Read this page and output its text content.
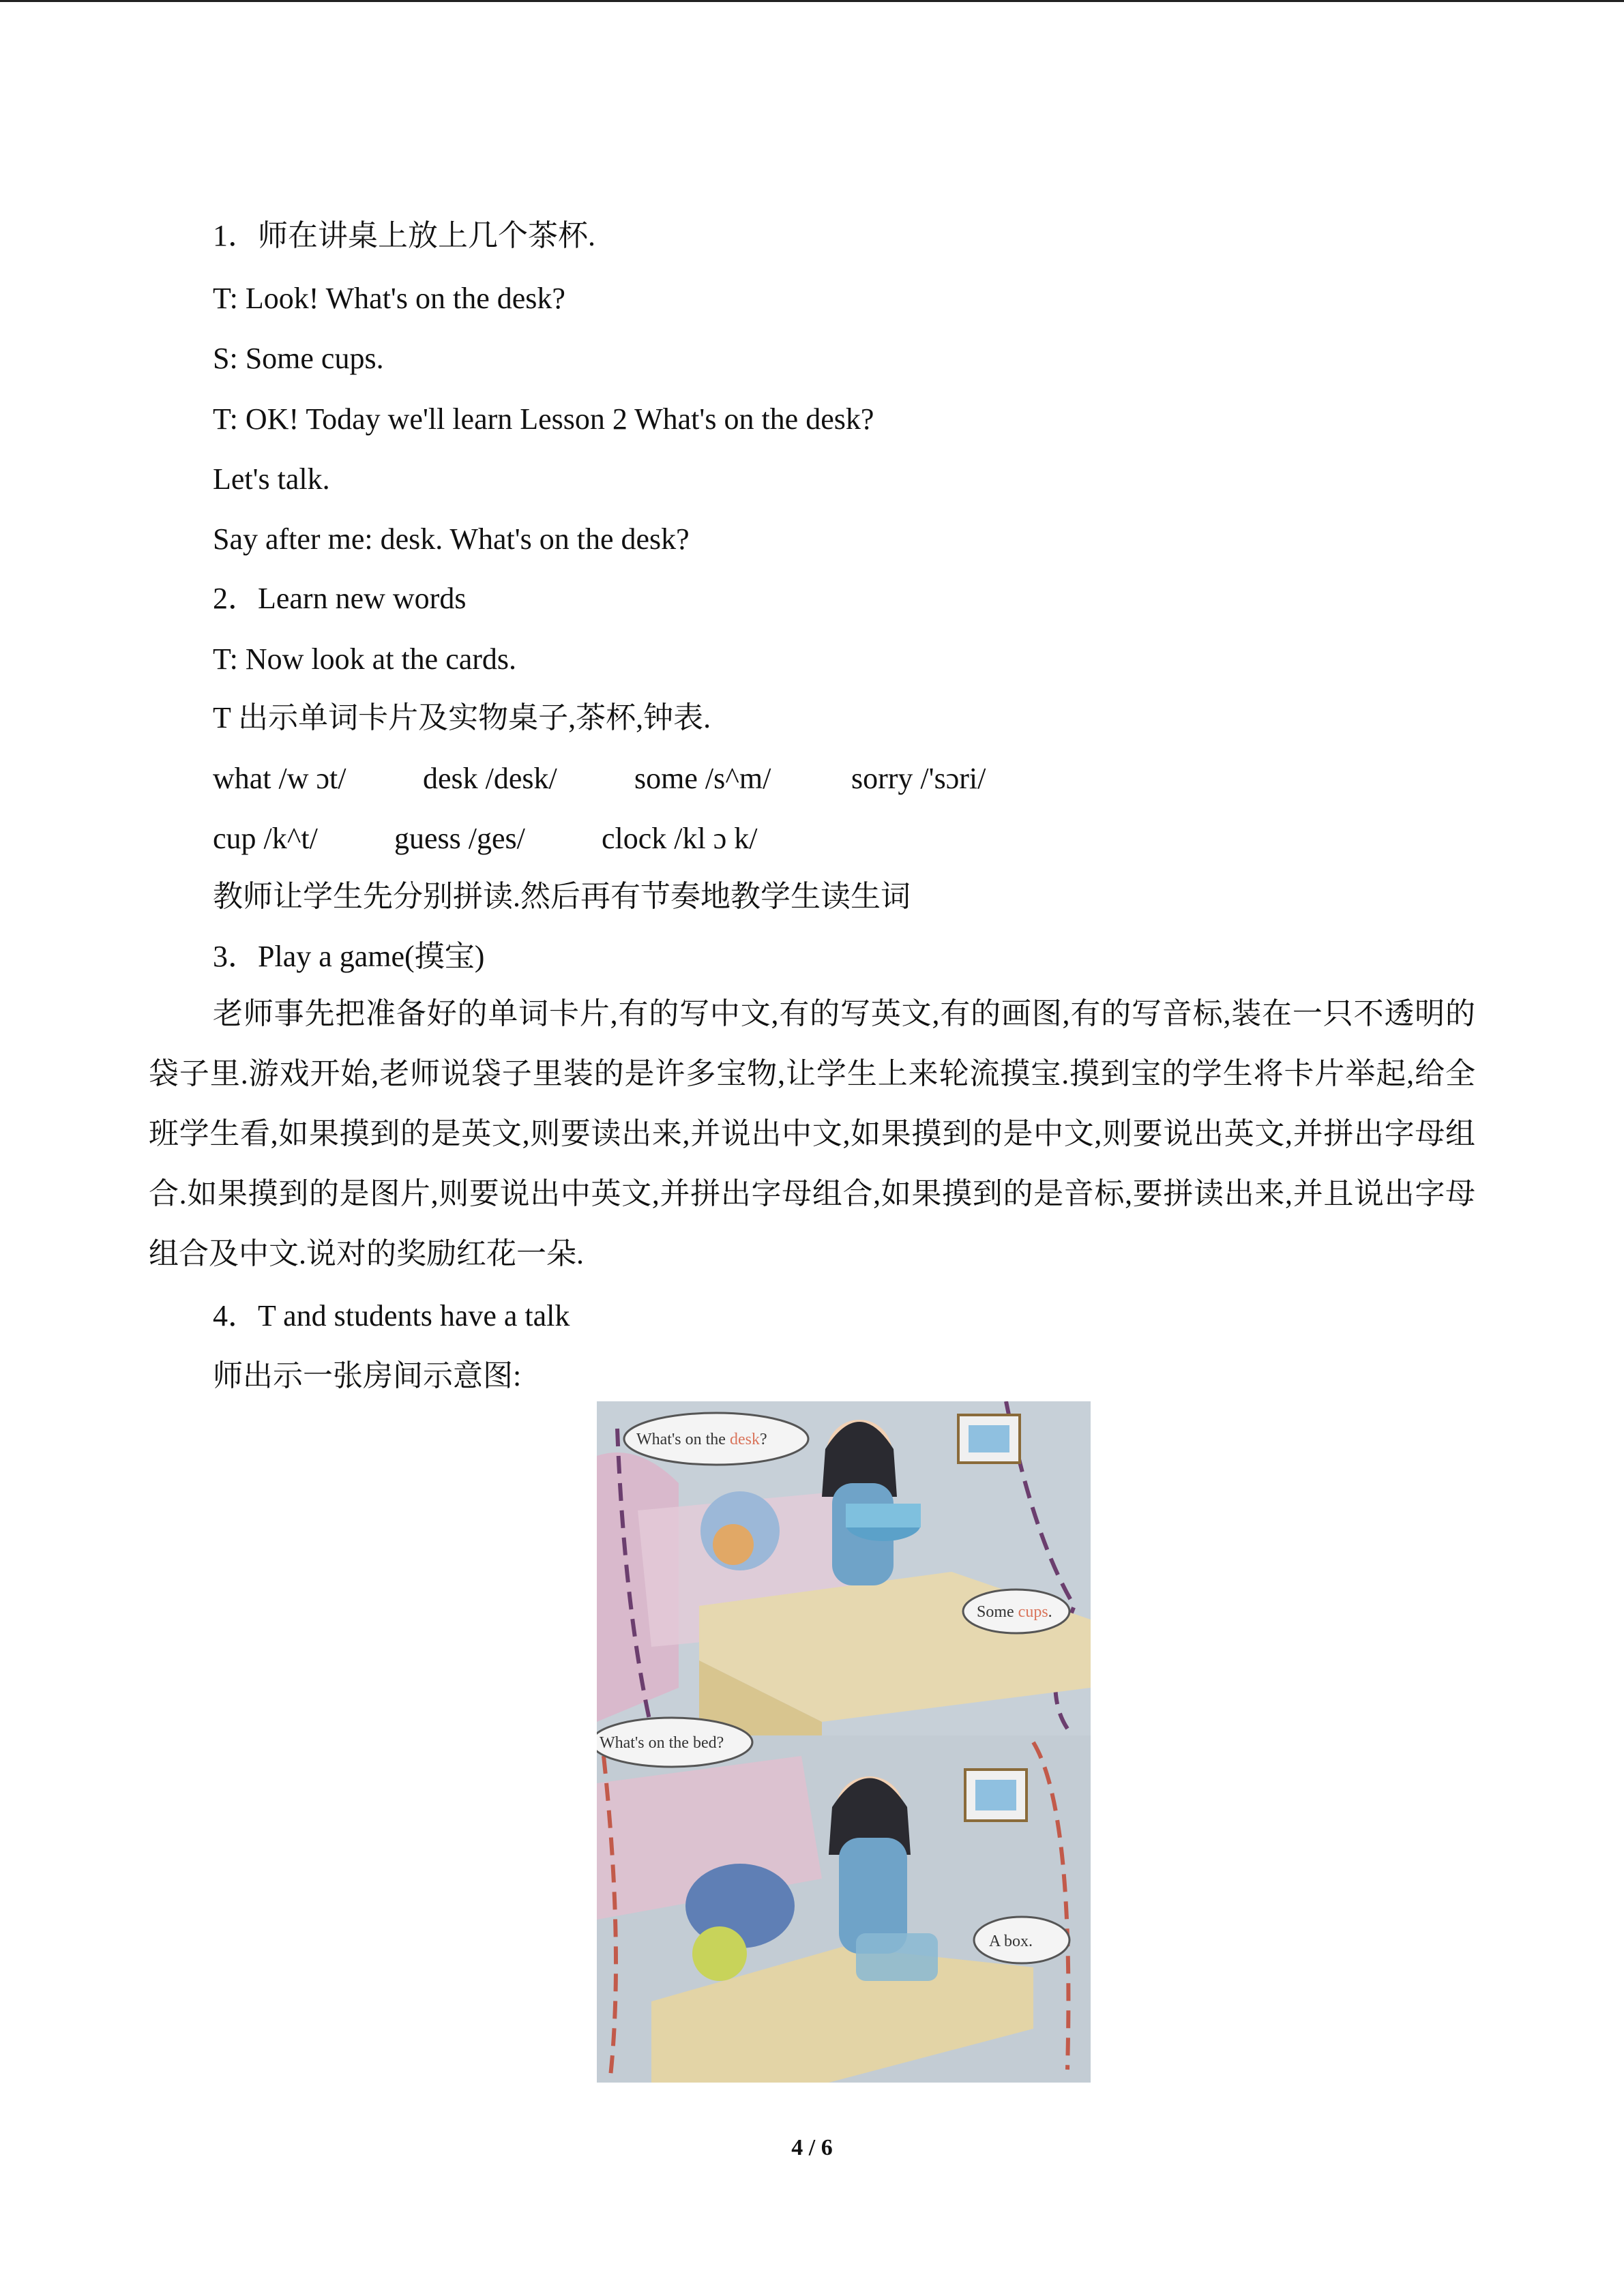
1．师在讲桌上放上几个茶杯.
T: Look! What's on the desk?
S: Some cups.
T: OK! Today we'll learn Lesson 2 What's on the desk?
Let's talk.
Say after me: desk. What's on the desk?
2．Learn new words
T: Now look at the cards.
T 出示单词卡片及实物桌子,茶杯,钟表.
what /w ɔt/	desk /desk/	some /s^m/	sorry /'sɔri/
cup /k^t/	guess /ges/	clock /kl ɔ k/
教师让学生先分别拼读.然后再有节奏地教学生读生词
3．Play a game(摸宝)
老师事先把准备好的单词卡片,有的写中文,有的写英文,有的画图,有的写音标,装在一只不透明的袋子里.游戏开始,老师说袋子里装的是许多宝物,让学生上来轮流摸宝.摸到宝的学生将卡片举起,给全班学生看,如果摸到的是英文,则要读出来,并说出中文,如果摸到的是中文,则要说出英文,并拼出字母组合.如果摸到的是图片,则要说出中英文,并拼出字母组合,如果摸到的是音标,要拼读出来,并且说出字母组合及中文.说对的奖励红花一朵.
4．T and students have a talk
师出示一张房间示意图:
What's on the desk?
Some cups.
What's on the bed?
A box.
4 / 6
